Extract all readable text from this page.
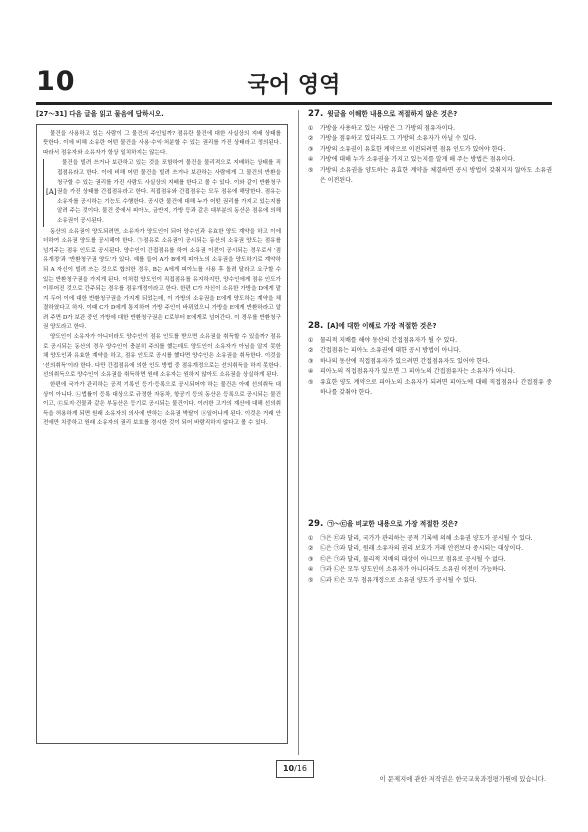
10	국어 영역
[27～31] 다음 글을 읽고 물음에 답하시오.

물건을 사용하고 있는 사람이 그 물건의 주인일까? 점유란 물건에 대한 사실상의 지배 상태를 뜻한다. 이에 비해 소유란 어떤 물건을 사용·수익·처분할 수 있는 권리를 가진 상태라고 정의된다. 따라서 점유자와 소유자가 항상 일치하지는 않는다.

[A]

물건을 빌려 쓰거나 보관하고 있는 것을 포함하여 물건을 물리적으로 지배하는 상태를 직접점유라고 한다. 이에 비해 어떤 물건을 빌려 쓰거나 보관하는 사람에게 그 물건의 반환을 청구할 수 있는 권리를 가진 사람도 사실상의 지배를 한다고 볼 수 있다. 이와 같이 반환청구권을 가진 상태를 간접점유라고 한다. 직접점유와 간접점유는 모두 점유에 해당한다. 점유는 소유자를 공시하는 기능도 수행한다. 공시란 물건에 대해 누가 어떤 권리를 가지고 있는지를 알려 주는 것이다. 물건 중에서 피아노, 금반지, 가방 등과 같은 대부분의 동산은 점유에 의해 소유권이 공시된다.

동산의 소유권이 양도되려면, 소유자가 양도인이 되어 양수인과 유효한 양도 계약을 하고 이에 더하여 소유권 양도를 공시해야 한다. ㉠점유로 소유권이 공시되는 동산의 소유권 양도는 점유를 넘겨주는 점유 인도로 공시된다. 양수인이 간접점유를 하여 소유권 이전이 공시되는 경우로서 '점유개정'과 '반환청구권 양도'가 있다. 예를 들어 A가 B에게 피아노의 소유권을 양도하기로 계약하되 A 자신이 빌려 쓰는 것으로 합의한 경우, B는 A에게 피아노를 사용 후 돌려 달라고 요구할 수 있는 반환청구권을 가지게 된다. 이처럼 양도인이 직접점유를 유지하지만, 양수인에게 점유 인도가 이루어진 것으로 간주되는 경우를 점유개정이라고 한다. 한편 C가 자신이 소유한 가방을 D에게 맡겨 두어 이에 대한 반환청구권을 가지게 되었는데, 이 가방의 소유권을 E에게 양도하는 계약을 체결하였다고 하자. 이때 C가 D에게 통지하여 가방 주인이 바뀌었으니 가방을 E에게 반환하라고 알려 주면 D가 보관 중인 가방에 대한 반환청구권은 C로부터 E에게로 넘어간다. 이 경우를 반환청구권 양도라고 한다.

양도인이 소유자가 아니더라도 양수인이 점유 인도를 받으면 소유권을 취득할 수 있을까? 점유로 공시되는 동산의 경우 양수인이 충분히 주의를 했는데도 양도인이 소유자가 아님을 알지 못한 채 양도인과 유효한 계약을 하고, 점유 인도로 공시를 했다면 양수인은 소유권을 취득한다. 이것을 '선의취득'이라 한다. 다만 간접점유에 의한 인도 방법 중 점유개정으로는 선의취득을 하지 못한다. 선의취득으로 양수인이 소유권을 취득하면 원래 소유자는 원하지 않아도 소유권을 상실하게 된다.

한편에 국가가 관리하는 공적 기록인 등기·등록으로 공시되어야 하는 물건은 아예 선의취득 대상이 아니다. ㉡법률이 등록 대상으로 규정한 자동차, 항공기 등의 동산은 등록으로 공시되는 물건이고, ㉢토지·건물과 같은 부동산은 등기로 공시되는 물건이다. 이러한 고가의 재산에 대해 선의취득을 허용하게 되면 원래 소유자의 의사에 반하는 소유권 박탈이 ⓐ일어나게 된다. 이것은 거래 안전에만 치중하고 원래 소유자의 권리 보호를 경시한 것이 되어 바람직하지 않다고 볼 수 있다.

27. 윗글을 이해한 내용으로 적절하지 않은 것은?
①	가방을 사용하고 있는 사람은 그 가방의 점유자이다.
②	가방을 점유하고 있더라도 그 가방의 소유자가 아닐 수 있다.
③	가방의 소유권이 유효한 계약으로 이전되려면 점유 인도가 있어야 한다.
④	가방에 대해 누가 소유권을 가지고 있는지를 알게 해 주는 방법은 점유이다.
⑤	가방의 소유권을 양도하는 유효한 계약을 체결하면 공시 방법이 갖춰지지 않아도 소유권은 이전된다.
28. [A]에 대한 이해로 가장 적절한 것은?
①	물리적 지배를 해야 동산의 간접점유자가 될 수 있다.
②	간접점유는 피아노 소유권에 대한 공시 방법이 아니다.
③	하나의 동산에 직접점유자가 있으려면 간접점유자도 있어야 한다.
④	피아노의 직접점유자가 있으면 그 피아노의 간접점유자는 소유자가 아니다.
⑤	유효한 양도 계약으로 피아노의 소유자가 되려면 피아노에 대해 직접점유나 간접점유 중 하나를 갖춰야 한다.
29. ㉠～㉢을 비교한 내용으로 가장 적절한 것은?
①	㉠은 ㉢과 달리, 국가가 관리하는 공적 기록에 의해 소유권 양도가 공시될 수 있다.
②	㉡은 ㉠과 달리, 원래 소유자의 권리 보호가 거래 안전보다 중시되는 대상이다.
③	㉢은 ㉠과 달리, 물리적 지배의 대상이 아니므로 점유로 공시될 수 없다.
④	㉠과 ㉡은 모두 양도인이 소유자가 아니더라도 소유권 이전이 가능하다.
⑤	㉡과 ㉢은 모두 점유개정으로 소유권 양도가 공시될 수 있다.
10/16
이 문제지에 관한 저작권은 한국교육과정평가원에 있습니다.
